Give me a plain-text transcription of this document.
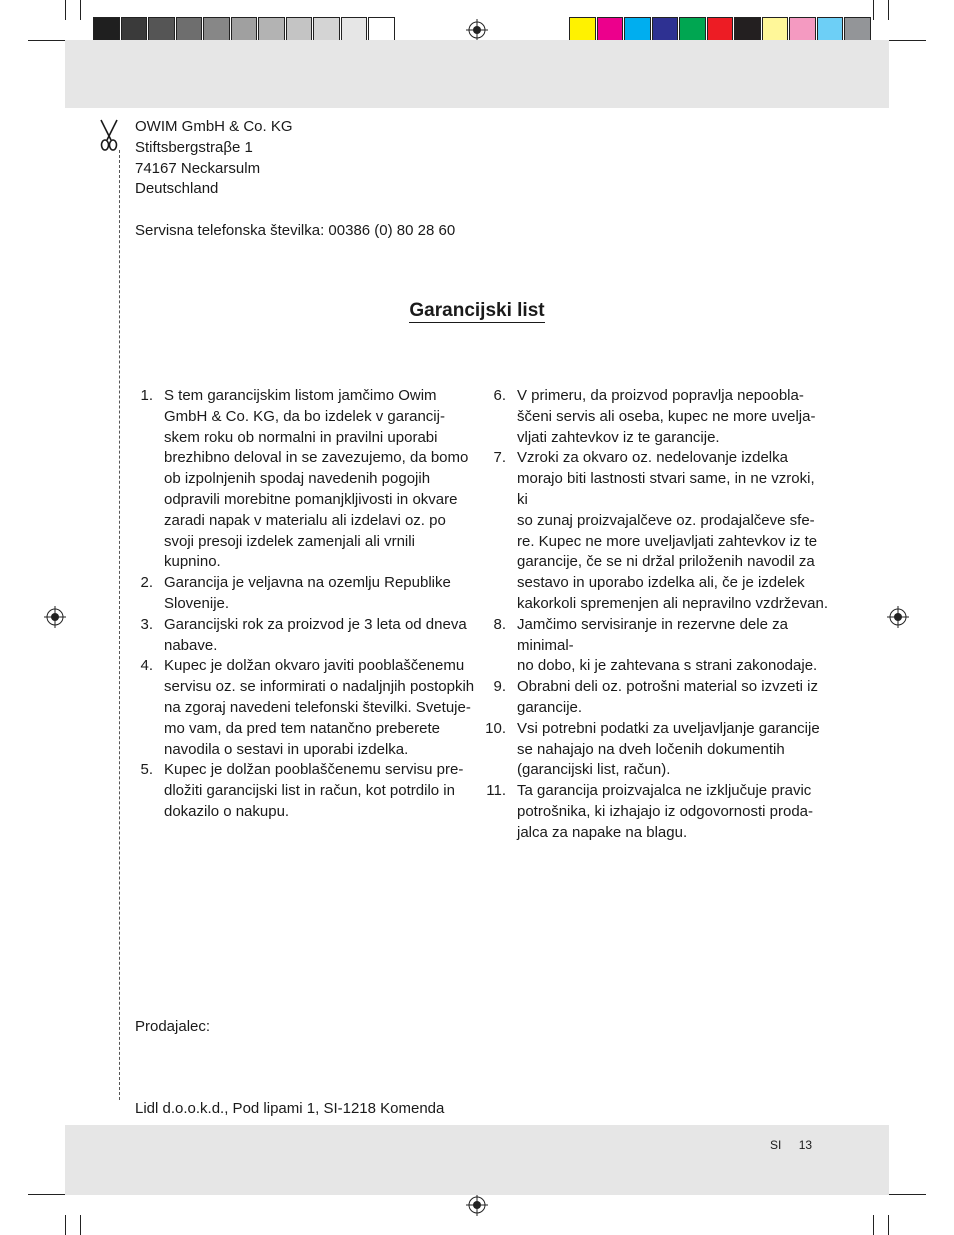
OWIM GmbH & Co. KG
Stiftsbergstraβe 1
74167 Neckarsulm
Deutschland
Servisna telefonska številka: 00386 (0) 80 28 60
Garancijski list
1. S tem garancijskim listom jamčimo Owim
GmbH & Co. KG, da bo izdelek v garancij-
skem roku ob normalni in pravilni uporabi
brezhibno deloval in se zavezujemo, da bomo
ob izpolnjenih spodaj navedenih pogojih
odpravili morebitne pomanjkljivosti in okvare
zaradi napak v materialu ali izdelavi oz. po
svoji presoji izdelek zamenjali ali vrnili kupnino.
2. Garancija je veljavna na ozemlju Republike
Slovenije.
3. Garancijski rok za proizvod je 3 leta od dneva
nabave.
4. Kupec je dolžan okvaro javiti pooblaščenemu
servisu oz. se informirati o nadaljnjih postopkih
na zgoraj navedeni telefonski številki. Svetuje-
mo vam, da pred tem natančno preberete
navodila o sestavi in uporabi izdelka.
5. Kupec je dolžan pooblaščenemu servisu pre-
dložiti garancijski list in račun, kot potrdilo in
dokazilo o nakupu.
6. V primeru, da proizvod popravlja nepoobla-
ščeni servis ali oseba, kupec ne more uvelja-
vljati zahtevkov iz te garancije.
7. Vzroki za okvaro oz. nedelovanje izdelka
morajo biti lastnosti stvari same, in ne vzroki, ki
so zunaj proizvajalčeve oz. prodajalčeve sfe-
re. Kupec ne more uveljavljati zahtevkov iz te
garancije, če se ni držal priloženih navodil za
sestavo in uporabo izdelka ali, če je izdelek
kakorkoli spremenjen ali nepravilno vzdrževan.
8. Jamčimo servisiranje in rezervne dele za minimal-
no dobo, ki je zahtevana s strani zakonodaje.
9. Obrabni deli oz. potrošni material so izvzeti iz
garancije.
10. Vsi potrebni podatki za uveljavljanje garancije
se nahajajo na dveh ločenih dokumentih
(garancijski list, račun).
11. Ta garancija proizvajalca ne izključuje pravic
potrošnika, ki izhajajo iz odgovornosti proda-
jalca za napake na blagu.
Prodajalec:
Lidl d.o.o.k.d., Pod lipami 1, SI-1218 Komenda
SI 13
